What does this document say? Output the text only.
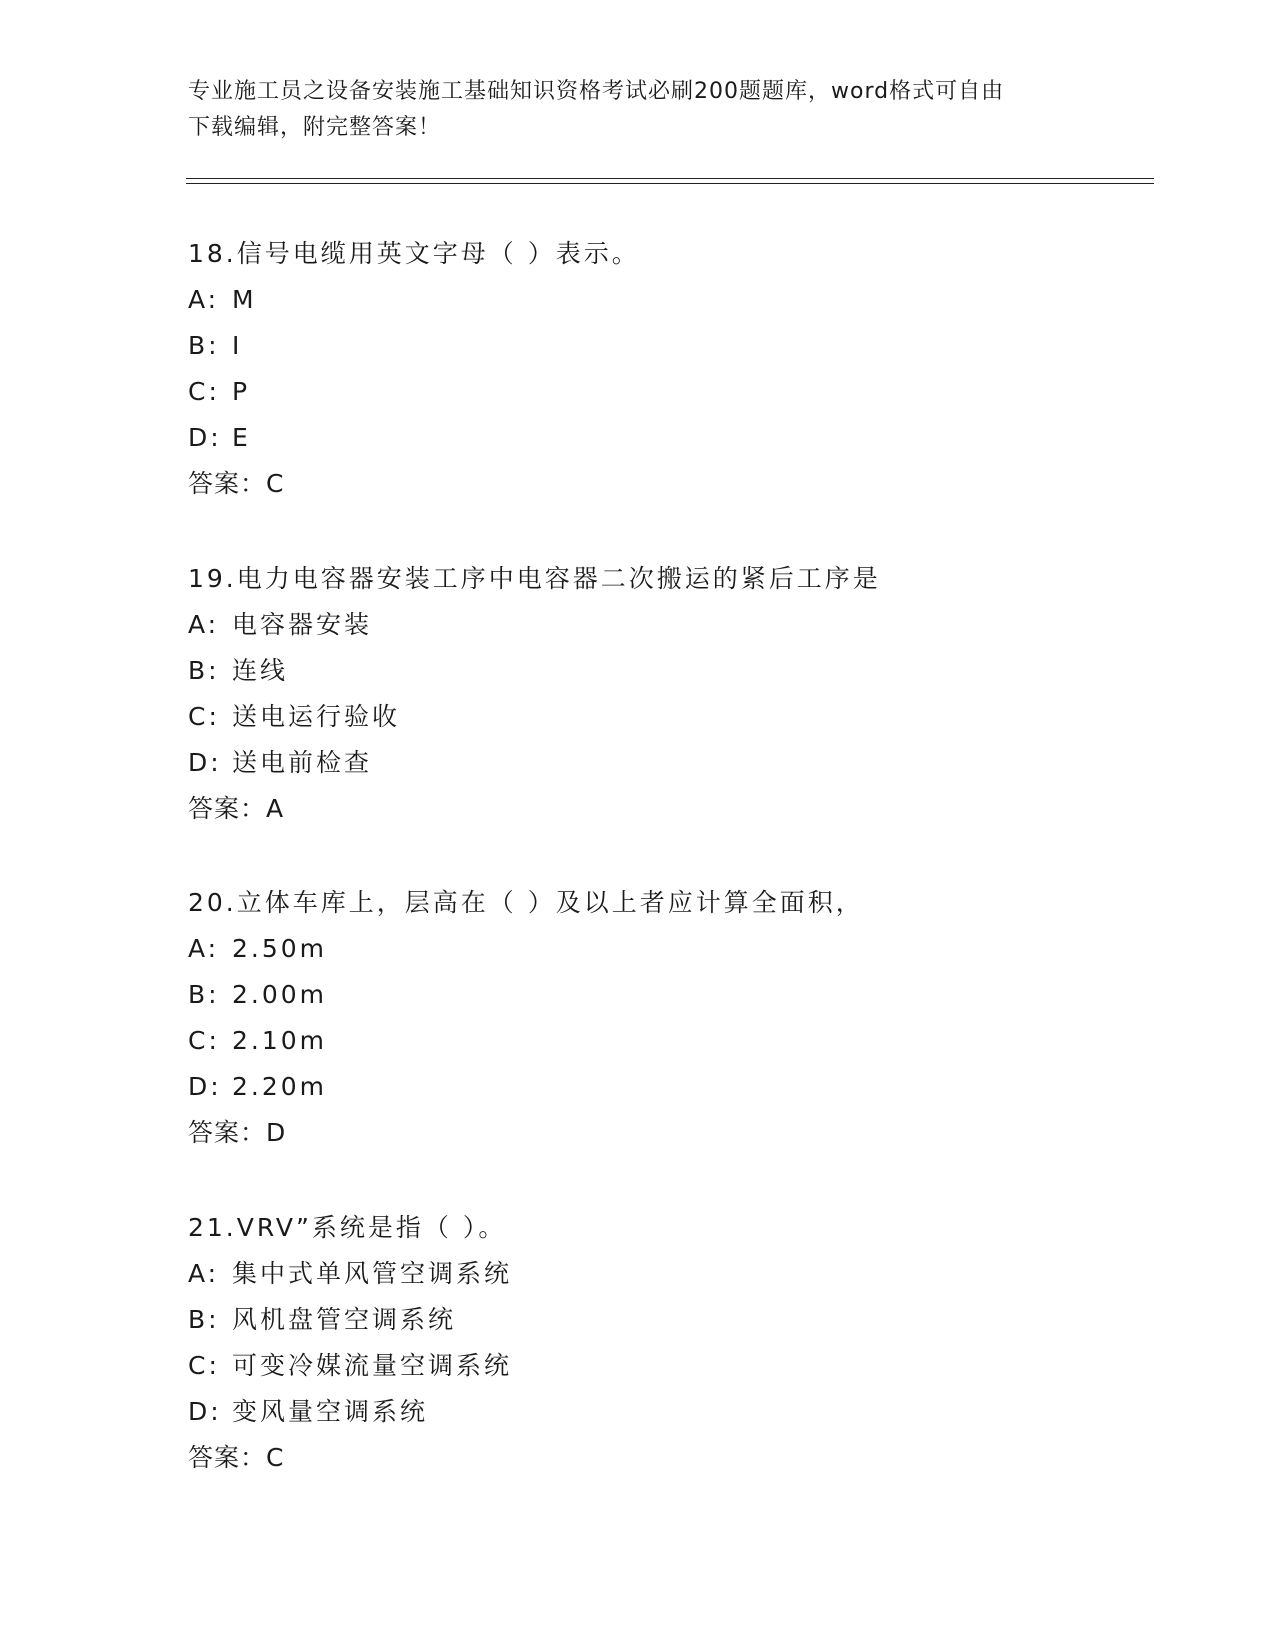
专业施工员之设备安装施工基础知识资格考试必刷200题题库，word格式可自由
下载编辑，附完整答案！
18.信号电缆用英文字母（ ）表示。
A: M
B: I
C: P
D: E
答案：C
19.电力电容器安装工序中电容器二次搬运的紧后工序是
A: 电容器安装
B: 连线
C: 送电运行验收
D: 送电前检查
答案：A
20.立体车库上，层高在（ ）及以上者应计算全面积，
A: 2.50m
B: 2.00m
C: 2.10m
D: 2.20m
答案：D
21.VRV”系统是指（ ）。
A: 集中式单风管空调系统
B: 风机盘管空调系统
C: 可变冷媒流量空调系统
D: 变风量空调系统
答案：C
